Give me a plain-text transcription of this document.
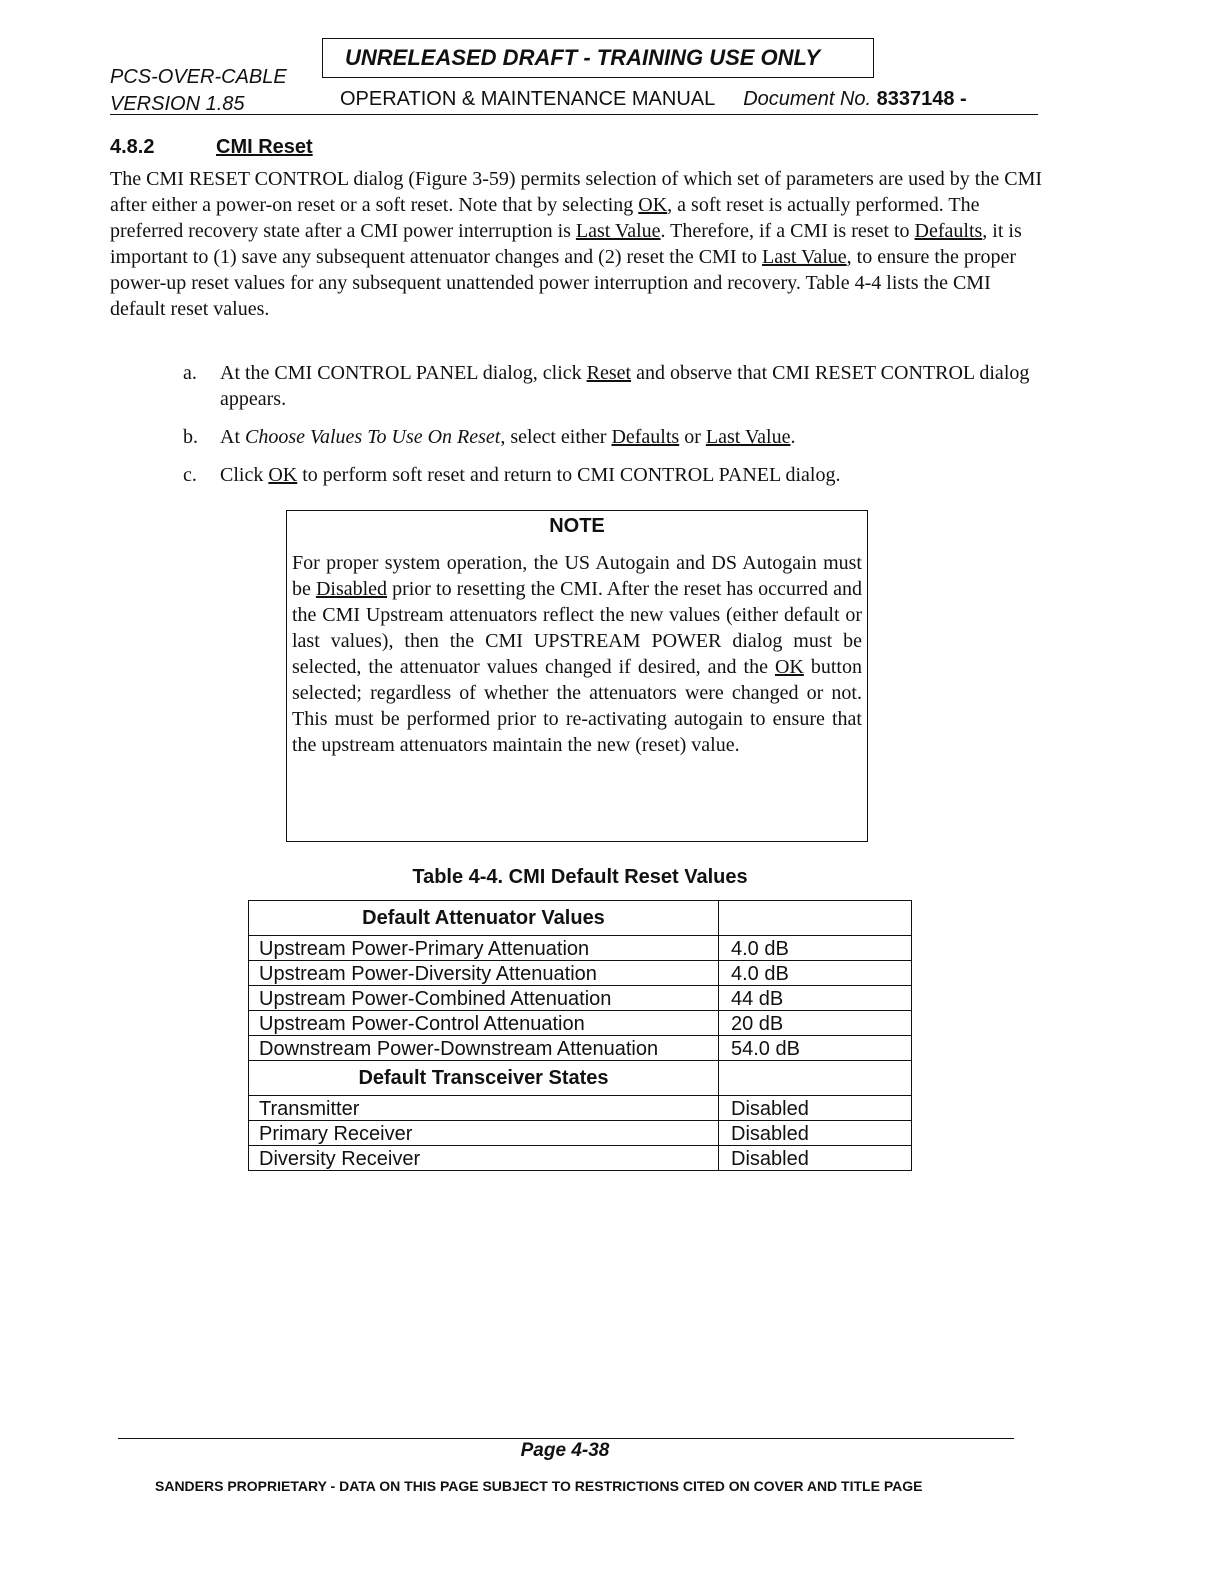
PCS-OVER-CABLE
VERSION 1.85
UNRELEASED DRAFT - TRAINING USE ONLY
OPERATION & MAINTENANCE MANUAL Document No. 8337148 -
4.8.2	CMI Reset
The CMI RESET CONTROL dialog (Figure 3-59) permits selection of which set of parameters are used by the CMI after either a power-on reset or a soft reset. Note that by selecting OK, a soft reset is actually performed. The preferred recovery state after a CMI power interruption is Last Value. Therefore, if a CMI is reset to Defaults, it is important to (1) save any subsequent attenuator changes and (2) reset the CMI to Last Value, to ensure the proper power-up reset values for any subsequent unattended power interruption and recovery. Table 4-4 lists the CMI default reset values.
a.	At the CMI CONTROL PANEL dialog, click Reset and observe that CMI RESET CONTROL dialog appears.
b.	At Choose Values To Use On Reset, select either Defaults or Last Value.
c.	Click OK to perform soft reset and return to CMI CONTROL PANEL dialog.
NOTE
For proper system operation, the US Autogain and DS Autogain must be Disabled prior to resetting the CMI. After the reset has occurred and the CMI Upstream attenuators reflect the new values (either default or last values), then the CMI UPSTREAM POWER dialog must be selected, the attenuator values changed if desired, and the OK button selected; regardless of whether the attenuators were changed or not. This must be performed prior to re-activating autogain to ensure that the upstream attenuators maintain the new (reset) value.
Table 4-4. CMI Default Reset Values
Default Attenuator Values	
Upstream Power-Primary Attenuation	4.0 dB
Upstream Power-Diversity Attenuation	4.0 dB
Upstream Power-Combined Attenuation	44 dB
Upstream Power-Control Attenuation	20 dB
Downstream Power-Downstream Attenuation	54.0 dB
Default Transceiver States	
Transmitter	Disabled
Primary Receiver	Disabled
Diversity Receiver	Disabled
Page 4-38
SANDERS PROPRIETARY - DATA ON THIS PAGE SUBJECT TO RESTRICTIONS CITED ON COVER AND TITLE PAGE
